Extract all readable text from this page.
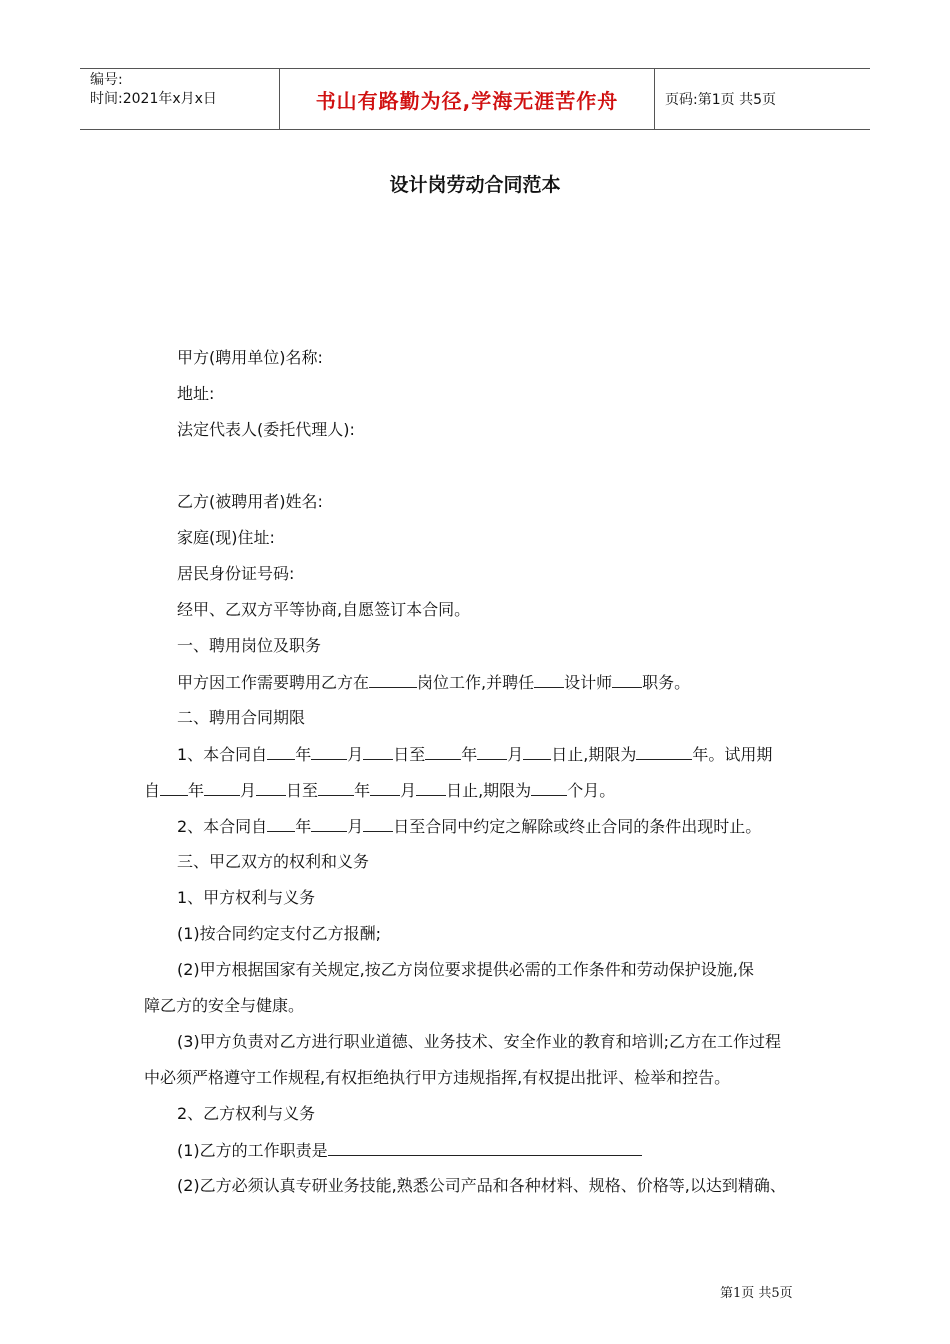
编号:
时间:2021年x月x日	书山有路勤为径,学海无涯苦作舟	页码:第1页 共5页
设计岗劳动合同范本
甲方(聘用单位)名称:
地址:
法定代表人(委托代理人):
乙方(被聘用者)姓名:
家庭(现)住址:
居民身份证号码:
经甲、乙双方平等协商,自愿签订本合同。
一、聘用岗位及职务
甲方因工作需要聘用乙方在	岗位工作,并聘任 设计师 职务。
二、聘用合同期限
1、本合同自 年 月 日至 年 月 日止,期限为	年。试用期
自 年 月 日至 年 月 日止,期限为 个月。
2、本合同自 年 月 日至合同中约定之解除或终止合同的条件出现时止。
三、甲乙双方的权利和义务
1、甲方权利与义务
(1)按合同约定支付乙方报酬;
(2)甲方根据国家有关规定,按乙方岗位要求提供必需的工作条件和劳动保护设施,保
障乙方的安全与健康。
(3)甲方负责对乙方进行职业道德、业务技术、安全作业的教育和培训;乙方在工作过程
中必须严格遵守工作规程,有权拒绝执行甲方违规指挥,有权提出批评、检举和控告。
2、乙方权利与义务
(1)乙方的工作职责是
(2)乙方必须认真专研业务技能,熟悉公司产品和各种材料、规格、价格等,以达到精确、
第1页 共5页
